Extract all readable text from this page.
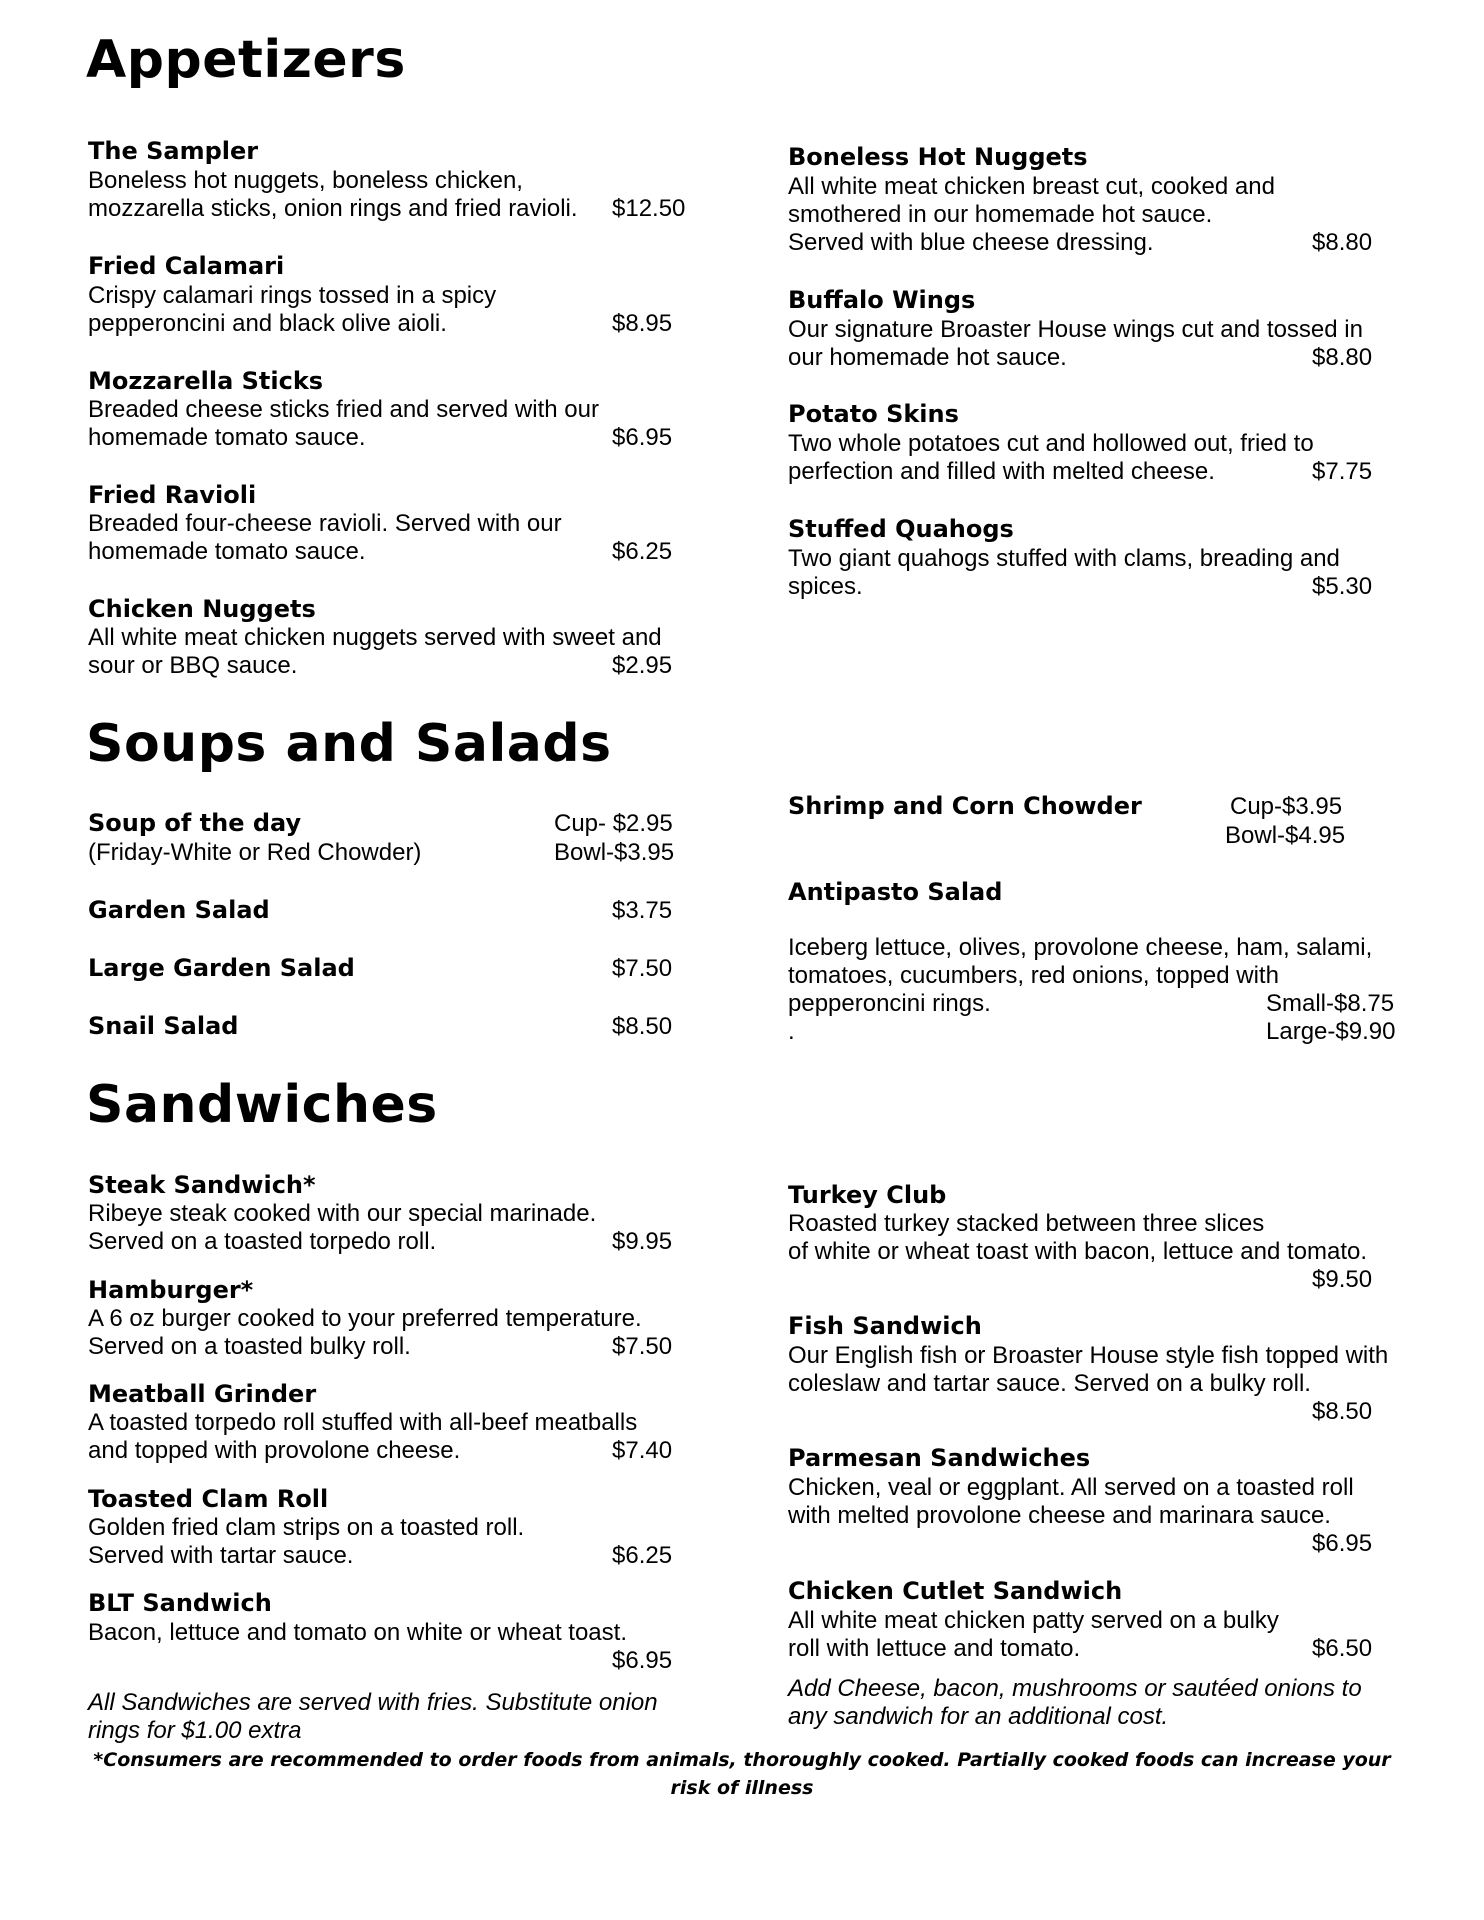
Appetizers
The Sampler
Boneless hot nuggets, boneless chicken,
mozzarella sticks, onion rings and fried ravioli. $12.50
Fried Calamari
Crispy calamari rings tossed in a spicy
pepperoncini and black olive aioli.	$8.95
Mozzarella Sticks
Breaded cheese sticks fried and served with our
homemade tomato sauce.	$6.95
Fried Ravioli
Breaded four-cheese ravioli. Served with our
homemade tomato sauce.	$6.25
Chicken Nuggets
All white meat chicken nuggets served with sweet and
sour or BBQ sauce.	$2.95
Boneless Hot Nuggets
All white meat chicken breast cut, cooked and
smothered in our homemade hot sauce.
Served with blue cheese dressing.	$8.80
Buffalo Wings
Our signature Broaster House wings cut and tossed in
our homemade hot sauce.	$8.80
Potato Skins
Two whole potatoes cut and hollowed out, fried to
perfection and filled with melted cheese.	$7.75
Stuffed Quahogs
Two giant quahogs stuffed with clams, breading and
spices.	$5.30
Soups and Salads
Soup of the day
(Friday-White or Red Chowder)
Cup- $2.95
Bowl-$3.95
Garden Salad	$3.75
Large Garden Salad	$7.50
Snail Salad	$8.50
Shrimp and Corn Chowder	Cup-$3.95
Bowl-$4.95
Antipasto Salad
Iceberg lettuce, olives, provolone cheese, ham, salami,
tomatoes, cucumbers, red onions, topped with
pepperoncini rings.
.
Small-$8.75
Large-$9.90
Sandwiches
Steak Sandwich*
Ribeye steak cooked with our special marinade.
Served on a toasted torpedo roll.	$9.95
Hamburger*
A 6 oz burger cooked to your preferred temperature.
Served on a toasted bulky roll.	$7.50
Meatball Grinder
A toasted torpedo roll stuffed with all-beef meatballs
and topped with provolone cheese.	$7.40
Toasted Clam Roll
Golden fried clam strips on a toasted roll.
Served with tartar sauce.	$6.25
BLT Sandwich
Bacon, lettuce and tomato on white or wheat toast.
$6.95
All Sandwiches are served with fries. Substitute onion
rings for $1.00 extra
Turkey Club
Roasted turkey stacked between three slices
of white or wheat toast with bacon, lettuce and tomato.
$9.50
Fish Sandwich
Our English fish or Broaster House style fish topped with
coleslaw and tartar sauce. Served on a bulky roll.
$8.50
Parmesan Sandwiches
Chicken, veal or eggplant. All served on a toasted roll
with melted provolone cheese and marinara sauce.
$6.95
Chicken Cutlet Sandwich
All white meat chicken patty served on a bulky
roll with lettuce and tomato.	$6.50
Add Cheese, bacon, mushrooms or sautéed onions to
any sandwich for an additional cost.
*Consumers are recommended to order foods from animals, thoroughly cooked. Partially cooked foods can increase your
risk of illness
